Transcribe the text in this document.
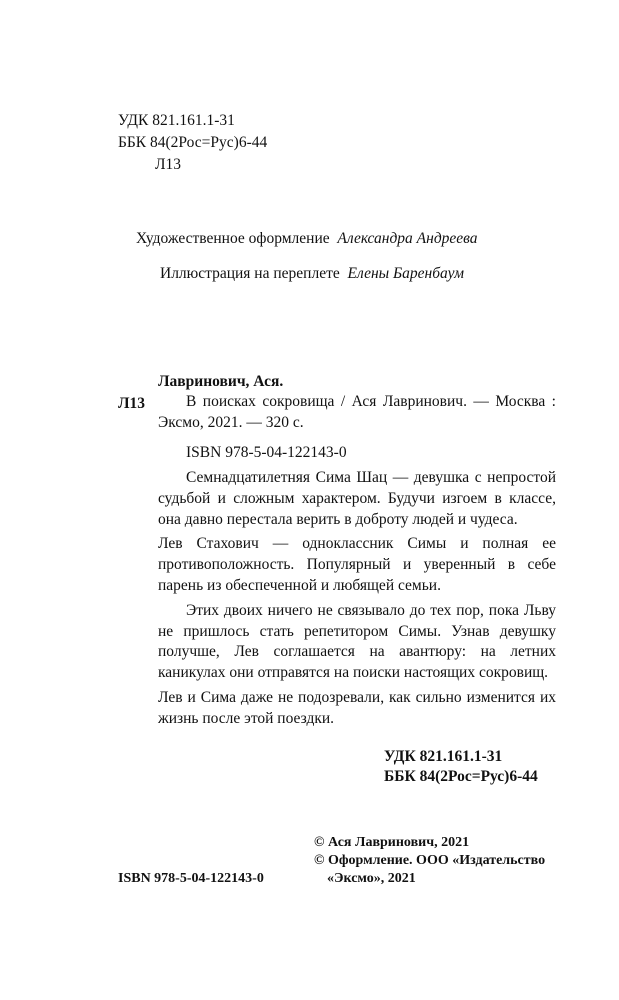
УДК 821.161.1-31
ББК 84(2Рос=Рус)6-44
Л13
Художественное оформление Александра Андреева
Иллюстрация на переплете Елены Баренбаум
Лавринович, Ася.
Л13	В поисках сокровища / Ася Лавринович. — Москва : Эксмо, 2021. — 320 с.

ISBN 978-5-04-122143-0

Семнадцатилетняя Сима Шац — девушка с непростой судьбой и сложным характером. Будучи изгоем в классе, она давно перестала верить в доброту людей и чудеса.

Лев Стахович — одноклассник Симы и полная ее противоположность. Популярный и уверенный в себе парень из обеспеченной и любящей семьи.

Этих двоих ничего не связывало до тех пор, пока Льву не пришлось стать репетитором Симы. Узнав девушку получше, Лев соглашается на авантюру: на летних каникулах они отправятся на поиски настоящих сокровищ.

Лев и Сима даже не подозревали, как сильно изменится их жизнь после этой поездки.

УДК 821.161.1-31
ББК 84(2Рос=Рус)6-44
ISBN 978-5-04-122143-0
© Ася Лавринович, 2021
© Оформление. ООО «Издательство
«Эксмо», 2021
